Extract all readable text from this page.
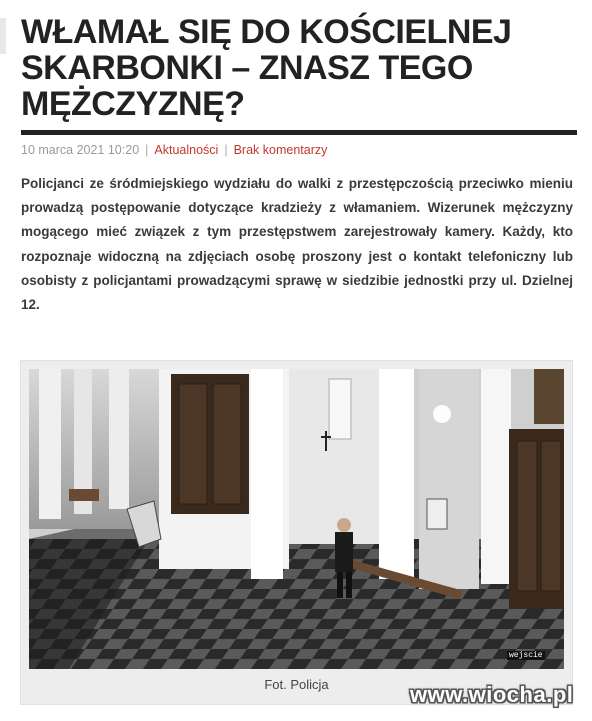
WŁAMAŁ SIĘ DO KOŚCIELNEJ SKARBONKI – ZNASZ TEGO MĘŻCZYZNĘ?
10 marca 2021 10:20 | Aktualności | Brak komentarzy

Policjanci ze śródmiejskiego wydziału do walki z przestępczością przeciwko mieniu prowadzą postępowanie dotyczące kradzieży z włamaniem. Wizerunek mężczyzny mogącego mieć związek z tym przestępstwem zarejestrowały kamery. Każdy, kto rozpoznaje widoczną na zdjęciach osobę proszony jest o kontakt telefoniczny lub osobisty z policjantami prowadzącymi sprawę w siedzibie jednostki przy ul. Dzielnej 12.

wejscie
Fot. Policja	www.wiocha.pl
